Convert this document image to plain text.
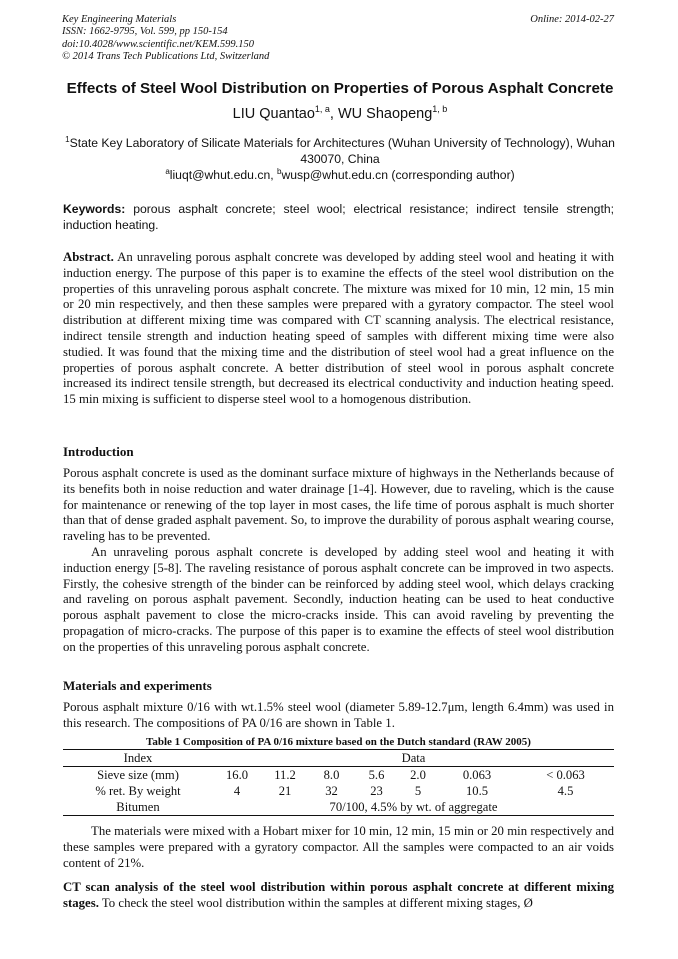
Key Engineering Materials
ISSN: 1662-9795, Vol. 599, pp 150-154
doi:10.4028/www.scientific.net/KEM.599.150
© 2014 Trans Tech Publications Ltd, Switzerland
Online: 2014-02-27
Effects of Steel Wool Distribution on Properties of Porous Asphalt Concrete
LIU Quantao$^{1, a}$, WU Shaopeng$^{1, b}$
$^1$State Key Laboratory of Silicate Materials for Architectures (Wuhan University of Technology), Wuhan 430070, China
$^a$liuqt@whut.edu.cn, $^b$wusp@whut.edu.cn (corresponding author)
Keywords: porous asphalt concrete; steel wool; electrical resistance; indirect tensile strength; induction heating.
Abstract. An unraveling porous asphalt concrete was developed by adding steel wool and heating it with induction energy. The purpose of this paper is to examine the effects of the steel wool distribution on the properties of this unraveling porous asphalt concrete. The mixture was mixed for 10 min, 12 min, 15 min or 20 min respectively, and then these samples were prepared with a gyratory compactor. The steel wool distribution at different mixing time was compared with CT scanning analysis. The electrical resistance, indirect tensile strength and induction heating speed of samples with different mixing time were also studied. It was found that the mixing time and the distribution of steel wool had a great influence on the properties of porous asphalt concrete. A better distribution of steel wool in porous asphalt concrete increased its indirect tensile strength, but decreased its electrical conductivity and induction heating speed. 15 min mixing is sufficient to disperse steel wool to a homogenous distribution.
Introduction

Porous asphalt concrete is used as the dominant surface mixture of highways in the Netherlands because of its benefits both in noise reduction and water drainage [1-4]. However, due to raveling, which is the cause for maintenance or renewing of the top layer in most cases, the life time of porous asphalt is much shorter than that of dense graded asphalt pavement. So, to improve the durability of porous asphalt wearing course, raveling has to be prevented.

An unraveling porous asphalt concrete is developed by adding steel wool and heating it with induction energy [5-8]. The raveling resistance of porous asphalt concrete can be improved in two aspects. Firstly, the cohesive strength of the binder can be reinforced by adding steel wool, which delays cracking and raveling on porous asphalt pavement. Secondly, induction heating can be used to heat conductive porous asphalt pavement to close the micro-cracks inside. This can avoid raveling by preventing the propagation of micro-cracks. The purpose of this paper is to examine the effects of steel wool distribution on the properties of this unraveling porous asphalt concrete.

Materials and experiments

Porous asphalt mixture 0/16 with wt.1.5% steel wool (diameter 5.89-12.7μm, length 6.4mm) was used in this research. The compositions of PA 0/16 are shown in Table 1.

Table 1 Composition of PA 0/16 mixture based on the Dutch standard (RAW 2005)
Index	Data						
Sieve size (mm)	16.0	11.2	8.0	5.6	2.0	0.063	< 0.063
% ret. By weight	4	21	32	23	5	10.5	4.5
Bitumen	70/100, 4.5% by wt. of aggregate						

The materials were mixed with a Hobart mixer for 10 min, 12 min, 15 min or 20 min respectively and these samples were prepared with a gyratory compactor. All the samples were compacted to an air voids content of 21%.

CT scan analysis of the steel wool distribution within porous asphalt concrete at different mixing stages. To check the steel wool distribution within the samples at different mixing stages, Ø
